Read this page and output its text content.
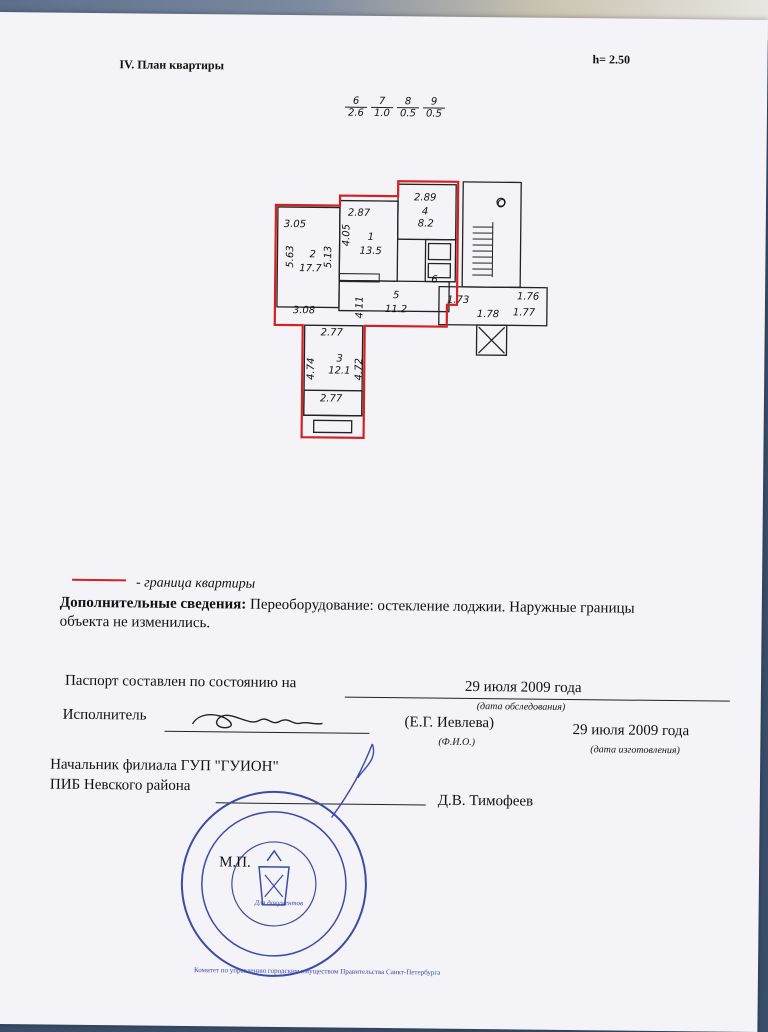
IV. План квартиры	h= 2.50
$\frac{6}{2.6} \frac{7}{1.0} \frac{8}{0.5} \frac{9}{0.5}$
3.05
2
17.7
5.63	5.13
3.08
2.87
1
13.5
4.05
2.89
4
8.2
5
11.2
4.11
6
2.77
3
12.1
4.74	4.72
2.77
1.76
1.77
1.78
1.73
O
- граница квартиры
Дополнительные сведения: Переоборудование: остекление лоджии. Наружные границы
объекта не изменились.
Паспорт составлен по состоянию на	29 июля 2009 года
(дата обследования)
Исполнитель	(Е.Г. Иевлева)
(Ф.И.О.)
29 июля 2009 года
(дата изготовления)
Начальник филиала ГУП "ГУИОН"
ПИБ Невского района
Д.В. Тимофеев
Для документов
Комитет по управлению городским имуществом Правительства Санкт-Петербурга
М.П.
